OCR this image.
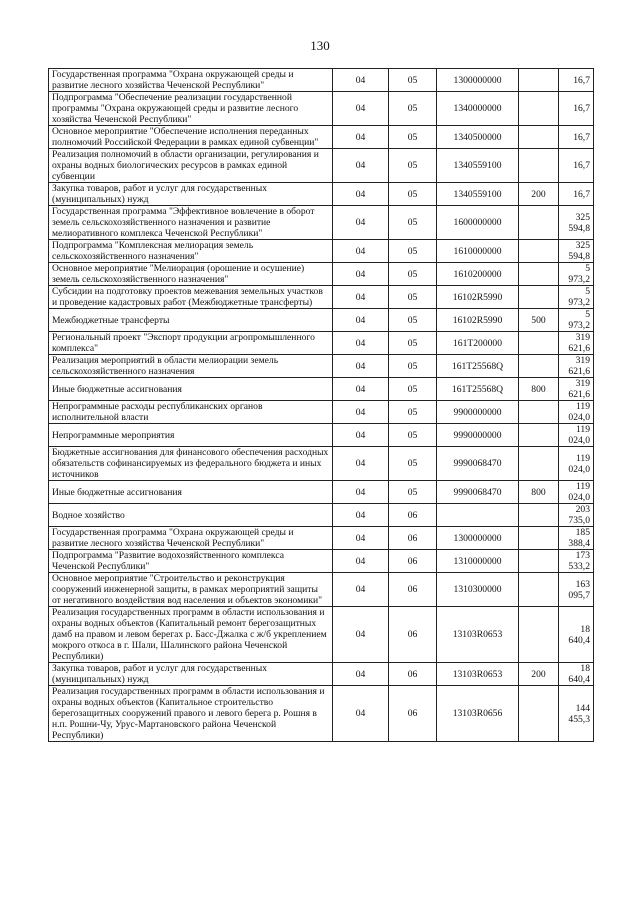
130
Государственная программа "Охрана окружающей среды и развитие лесного хозяйства Чеченской Республики"	04	05	1300000000		16,7
Подпрограмма "Обеспечение реализации государственной программы "Охрана окружающей среды и развитие лесного хозяйства Чеченской Республики"	04	05	1340000000		16,7
Основное мероприятие "Обеспечение исполнения переданных полномочий Российской Федерации в рамках единой субвенции"	04	05	1340500000		16,7
Реализация полномочий в области организации, регулирования и охраны водных биологических ресурсов в рамках единой субвенции	04	05	1340559100		16,7
Закупка товаров, работ и услуг для государственных (муниципальных) нужд	04	05	1340559100	200	16,7
Государственная программа "Эффективное вовлечение в оборот земель сельскохозяйственного назначения и развитие мелиоративного комплекса Чеченской Республики"	04	05	1600000000		325 594,8
Подпрограмма "Комплексная мелиорация земель сельскохозяйственного назначения"	04	05	1610000000		325 594,8
Основное мероприятие "Мелиорация (орошение и осушение) земель сельскохозяйственного назначения"	04	05	1610200000		5 973,2
Субсидии на подготовку проектов межевания земельных участков и проведение кадастровых работ (Межбюджетные трансферты)	04	05	16102R5990		5 973,2
Межбюджетные трансферты	04	05	16102R5990	500	5 973,2
Региональный проект "Экспорт продукции агропромышленного комплекса"	04	05	161T200000		319 621,6
Реализация мероприятий в области мелиорации земель сельскохозяйственного назначения	04	05	161T25568Q		319 621,6
Иные бюджетные ассигнования	04	05	161T25568Q	800	319 621,6
Непрограммные расходы республиканских органов исполнительной власти	04	05	9900000000		119 024,0
Непрограммные мероприятия	04	05	9990000000		119 024,0
Бюджетные ассигнования для финансового обеспечения расходных обязательств софинансируемых из федерального бюджета и иных источников	04	05	9990068470		119 024,0
Иные бюджетные ассигнования	04	05	9990068470	800	119 024,0
Водное хозяйство	04	06			203 735,0
Государственная программа "Охрана окружающей среды и развитие лесного хозяйства Чеченской Республики"	04	06	1300000000		185 388,4
Подпрограмма "Развитие водохозяйственного комплекса Чеченской Республики"	04	06	1310000000		173 533,2
Основное мероприятие "Строительство и реконструкция сооружений инженерной защиты, в рамках мероприятий защиты от негативного воздействия вод населения и объектов экономики"	04	06	1310300000		163 095,7
Реализация государственных программ в области использования и охраны водных объектов (Капитальный ремонт берегозащитных дамб на правом и левом берегах р. Басс-Джалка с ж/б укреплением мокрого откоса в г. Шали, Шалинского района Чеченской Республики)	04	06	13103R0653		18 640,4
Закупка товаров, работ и услуг для государственных (муниципальных) нужд	04	06	13103R0653	200	18 640,4
Реализация государственных программ в области использования и охраны водных объектов (Капитальное строительство берегозащитных сооружений правого и левого берега р. Рошня в н.п. Рошни-Чу, Урус-Мартановского района Чеченской Республики)	04	06	13103R0656		144 455,3
